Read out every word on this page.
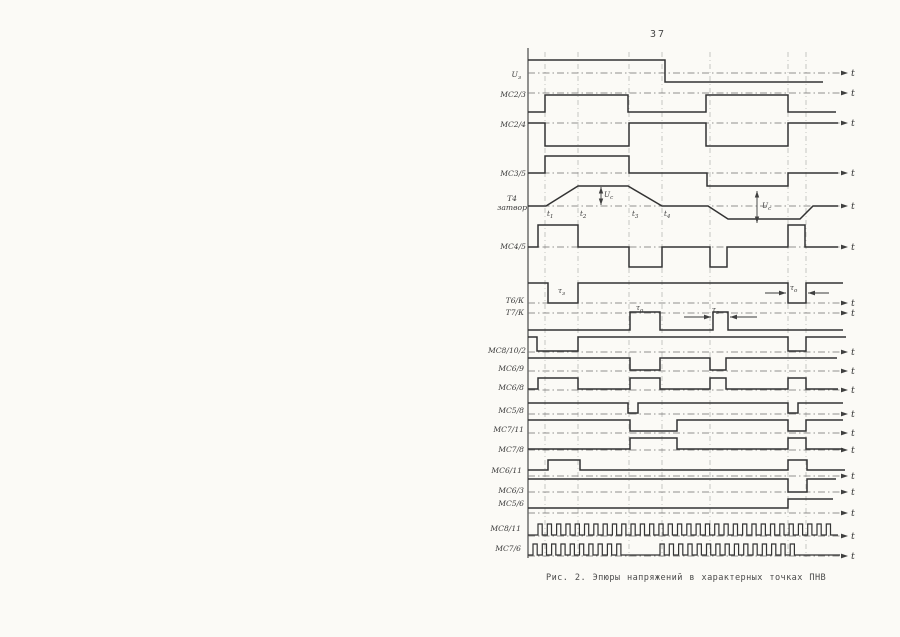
37
t
$U_з$
t
МС2/3
t
МС2/4
t
МС3/5
t
Т4
затвор
t
МС4/5
t
Т6/К
t
Т7/К
t
МС8/10/2
t
МС6/9
t
МС6/8
t
МС5/8
t
МС7/11
t
МС7/8
t
МС6/11
t
МС6/3
t
МС5/6
t
МС8/11
t
МС7/6
$t_1$	$t_2$	$t_3$	$t_4$
$U_c$
$U_c$
$\tau_з$
$\tau_о$
$\tau_о$	$\tau_з$
Рис. 2. Эпюры напряжений в характерных точках ПНВ
